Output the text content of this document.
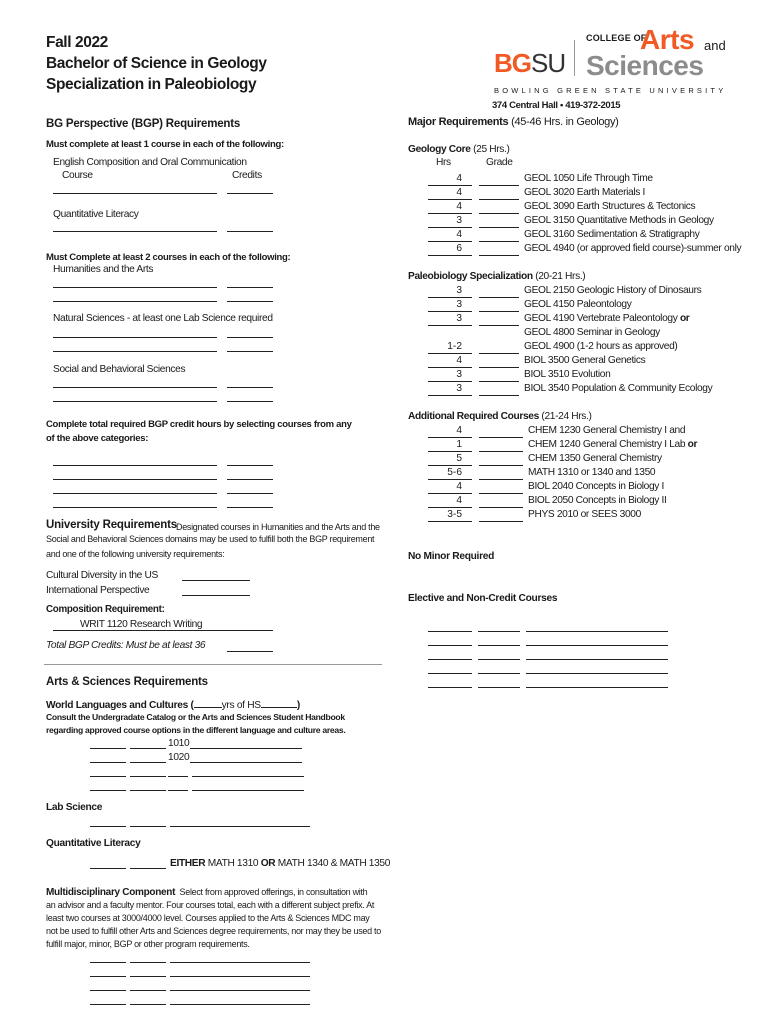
Fall 2022
Bachelor of Science in Geology
Specialization in Paleobiology
BGSU
COLLEGE OF
Arts and
Sciences
BOWLING GREEN STATE UNIVERSITY
374 Central Hall • 419-372-2015
BG Perspective (BGP) Requirements
Must complete at least 1 course in each of the following:
English Composition and Oral Communication
Course	Credits
Quantitative Literacy
Must Complete at least 2 courses in each of the following:
Humanities and the Arts
Natural Sciences - at least one Lab Science required
Social and Behavioral Sciences
Complete total required BGP credit hours by selecting courses from any
of the above categories:
University Requirements Designated courses in Humanities and the Arts and the
Social and Behavioral Sciences domains may be used to fulfill both the BGP requirement
and one of the following university requirements:
Cultural Diversity in the US
International Perspective
Composition Requirement:
WRIT 1120 Research Writing
Total BGP Credits: Must be at least 36
Arts & Sciences Requirements
World Languages and Cultures (	yrs of HS	)
Consult the Undergradate Catalog or the Arts and Sciences Student Handbook
regarding approved course options in the different language and culture areas.
1010
1020
Lab Science
Quantitative Literacy
EITHER MATH 1310 OR MATH 1340 & MATH 1350
Multidisciplinary Component Select from approved offerings, in consultation with
an advisor and a faculty mentor. Four courses total, each with a different subject prefix. At
least two courses at 3000/4000 level. Courses applied to the Arts & Sciences MDC may
not be used to fulfill other Arts and Sciences degree requirements, nor may they be used to
fulfill major, minor, BGP or other program requirements.
Major Requirements (45-46 Hrs. in Geology)
Geology Core (25 Hrs.)
Hrs	Grade
4	GEOL 1050 Life Through Time
4	GEOL 3020 Earth Materials I
4	GEOL 3090 Earth Structures & Tectonics
3	GEOL 3150 Quantitative Methods in Geology
4	GEOL 3160 Sedimentation & Stratigraphy
6	GEOL 4940 (or approved field course)-summer only
Paleobiology Specialization (20-21 Hrs.)
3	GEOL 2150 Geologic History of Dinosaurs
3	GEOL 4150 Paleontology
3	GEOL 4190 Vertebrate Paleontology or
GEOL 4800 Seminar in Geology
1-2	GEOL 4900 (1-2 hours as approved)
4	BIOL 3500 General Genetics
3	BIOL 3510 Evolution
3	BIOL 3540 Population & Community Ecology
Additional Required Courses (21-24 Hrs.)
4	CHEM 1230 General Chemistry I and
1	CHEM 1240 General Chemistry I Lab or
5	CHEM 1350 General Chemistry
5-6	MATH 1310 or 1340 and 1350
4	BIOL 2040 Concepts in Biology I
4	BIOL 2050 Concepts in Biology II
3-5	PHYS 2010 or SEES 3000
No Minor Required
Elective and Non-Credit Courses
